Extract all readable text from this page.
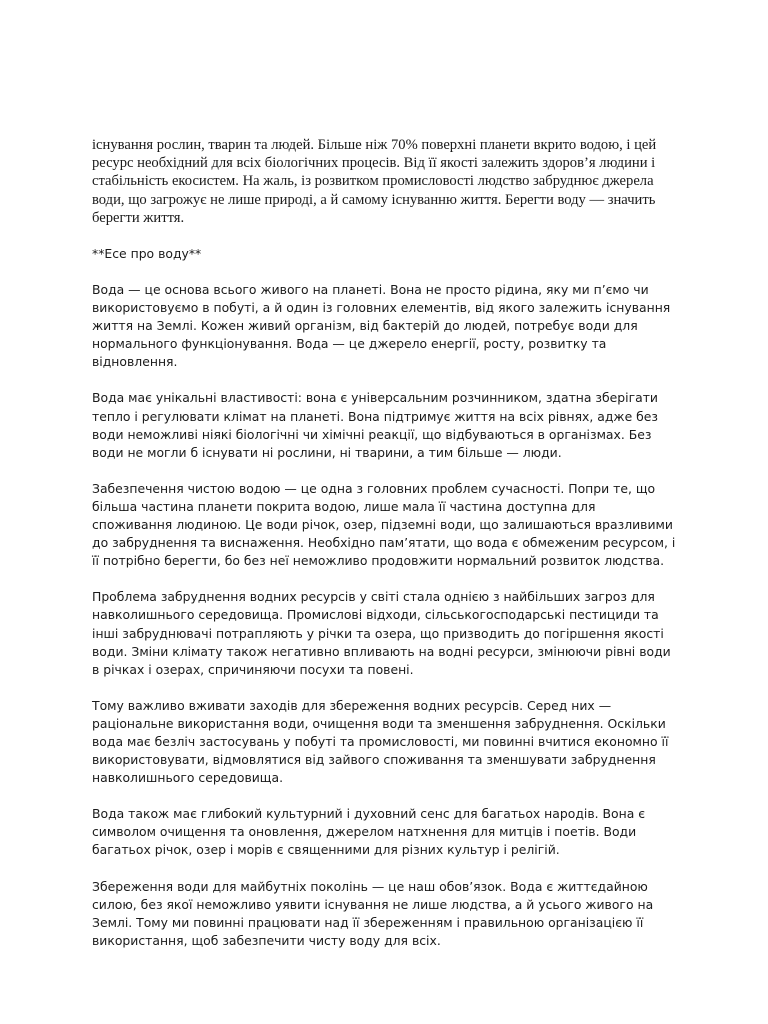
існування рослин, тварин та людей. Більше ніж 70% поверхні планети вкрито водою, і цей ресурс необхідний для всіх біологічних процесів. Від її якості залежить здоров’я людини і стабільність екосистем. На жаль, із розвитком промисловості людство забруднює джерела води, що загрожує не лише природі, а й самому існуванню життя. Берегти воду — значить берегти життя.

**Есе про воду**

Вода — це основа всього живого на планеті. Вона не просто рідина, яку ми п’ємо чи використовуємо в побуті, а й один із головних елементів, від якого залежить існування життя на Землі. Кожен живий організм, від бактерій до людей, потребує води для нормального функціонування. Вода — це джерело енергії, росту, розвитку та відновлення.

Вода має унікальні властивості: вона є універсальним розчинником, здатна зберігати тепло і регулювати клімат на планеті. Вона підтримує життя на всіх рівнях, адже без води неможливі ніякі біологічні чи хімічні реакції, що відбуваються в організмах. Без води не могли б існувати ні рослини, ні тварини, а тим більше — люди.

Забезпечення чистою водою — це одна з головних проблем сучасності. Попри те, що більша частина планети покрита водою, лише мала її частина доступна для споживання людиною. Це води річок, озер, підземні води, що залишаються вразливими до забруднення та виснаження. Необхідно пам’ятати, що вода є обмеженим ресурсом, і її потрібно берегти, бо без неї неможливо продовжити нормальний розвиток людства.

Проблема забруднення водних ресурсів у світі стала однією з найбільших загроз для навколишнього середовища. Промислові відходи, сільськогосподарські пестициди та інші забруднювачі потрапляють у річки та озера, що призводить до погіршення якості води. Зміни клімату також негативно впливають на водні ресурси, змінюючи рівні води в річках і озерах, спричиняючи посухи та повені.

Тому важливо вживати заходів для збереження водних ресурсів. Серед них — раціональне використання води, очищення води та зменшення забруднення. Оскільки вода має безліч застосувань у побуті та промисловості, ми повинні вчитися економно її використовувати, відмовлятися від зайвого споживання та зменшувати забруднення навколишнього середовища.

Вода також має глибокий культурний і духовний сенс для багатьох народів. Вона є символом очищення та оновлення, джерелом натхнення для митців і поетів. Води багатьох річок, озер і морів є священними для різних культур і релігій.

Збереження води для майбутніх поколінь — це наш обов’язок. Вода є життєдайною силою, без якої неможливо уявити існування не лише людства, а й усього живого на Землі. Тому ми повинні працювати над її збереженням і правильною організацією її використання, щоб забезпечити чисту воду для всіх.
